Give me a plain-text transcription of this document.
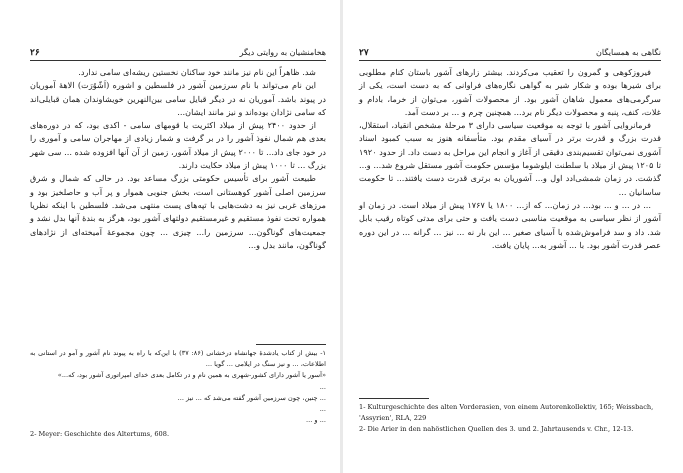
۲۶	هخامنشیان به روایتی دیگر

شد. ظاهراً این نام نیز مانند خود ساکنان نخستین ریشه‌ای سامی ندارد.

این نام می‌تواند با نام سرزمین آشور در فلسطین و اشوره (اَشّوُرَت) الاهۀ آموریان در پیوند باشد. آموریان نه در دیگر قبایل سامی بین‌النهرین خویشاوندان همان قبایلی‌اند که سامی نژادان بوده‌اند و نیز مانند ایشان...

از حدود ۲۴۰۰ پیش از میلاد اکثریت با قومهای سامی - اکدی بود، که در دوره‌های بعدی هم شمال نفوذ آشور را در بر گرفت و شمار زیادی از مهاجران سامی و آموری را در خود جای داد... تا ۲۰۰۰ پیش از میلاد آشور، زمین از آن آنها افزوده شده ... سی شهر بزرگ ... تا ۱۰۰۰ پیش از میلاد حکایت دارند.

طبیعت آشور برای تأسیس حکومتی بزرگ مساعد بود. در حالی که شمال و شرق سرزمین اصلی آشور کوهستانی است، بخش جنوبی هموار و پر آب و حاصلخیز بود و مرزهای غربی نیز به دشت‌هایی با تپه‌های پست منتهی می‌شد. فلسطین با اینکه نظریا همواره تحت نفوذ مستقیم و غیرمستقیم دولتهای آشور بود، هرگز به بندۀ آنها بدل نشد و جمعیت‌های گوناگون... سرزمین را... چیزی ... چون مجموعۀ آمیخته‌ای از نژادهای گوناگون، مانند بدل و...

۱- بیش از کتاب یادشدۀ جهانشاه درخشانی (۸۶: ۳۷) با این‌که با راه به پیوند نام آشور و آمو در استانی به اطلاعات، ... و نیز سنگ در ایلامی ... گویا ...
«آسور یا آشور دارای کشور-شهری به همین نام و در تکامل بعدی خدای امپراتوری آشور بود، که...»
...
... چنین، چون سرزمین آشور گفته می‌شد که ... نیز ...
...
... و ...
2- Meyer: Geschichte des Altertums, 608.
۲۷	نگاهی به همسایگان

فیروزکوهی و گمرون را تعقیب می‌کردند. بیشتر زارهای آشور باستان کنام مطلوبی برای شیرها بوده و شکار شیر به گواهی نگاره‌های فراوانی که به دست است، یکی از سرگرمی‌های معمول شاهان آشور بود. از محصولات آشور، می‌توان از خرما، بادام و غلات، کنف، پنبه و محصولات دیگر نام برد... همچنین چرم و ... بر دست آمد.

فرمانروایی آشور با توجه به موقعیت سیاسی دارای ۳ مرحلۀ مشخص انقیاد، استقلال، قدرت بزرگ و قدرت برتر در آسیای مقدم بود. متأسفانه هنوز به سبب کمبود اسناد آشوری نمی‌توان تقسیم‌بندی دقیقی از آغاز و انجام این مراحل به دست داد. از حدود ۱۹۲۰ تا ۱۲۰۵ پیش از میلاد با سلطنت ایلوشوما مؤسس حکومت آشور مستقل شروع شد... و... گذشت. در زمان شمشی‌ادد اول و... آشوریان به برتری قدرت دست یافتند... تا حکومت ساسانیان ...

... در ... و ... بود... در زمان... که از... ۱۸۰۰ یا ۱۷۶۷ پیش از میلاد است. در زمان او آشور از نظر سیاسی به موقعیت مناسبی دست یافت و حتی برای مدتی کوتاه رقیب بابل شد. داد و سد فراموش‌شده با آسیای صغیر ... این بار نه ... نیز ... گرانه ... در این دوره عصر قدرت آشور بود. با ... آشور به... پایان یافت.

1- Kulturgeschichte des alten Vorderasien, von einem Autorenkollektiv, 165; Weissbach, 'Assyrien', RLA, 229
2- Die Arier in den nahöstlichen Quellen des 3. und 2. Jahrtausends v. Chr., 12-13.
